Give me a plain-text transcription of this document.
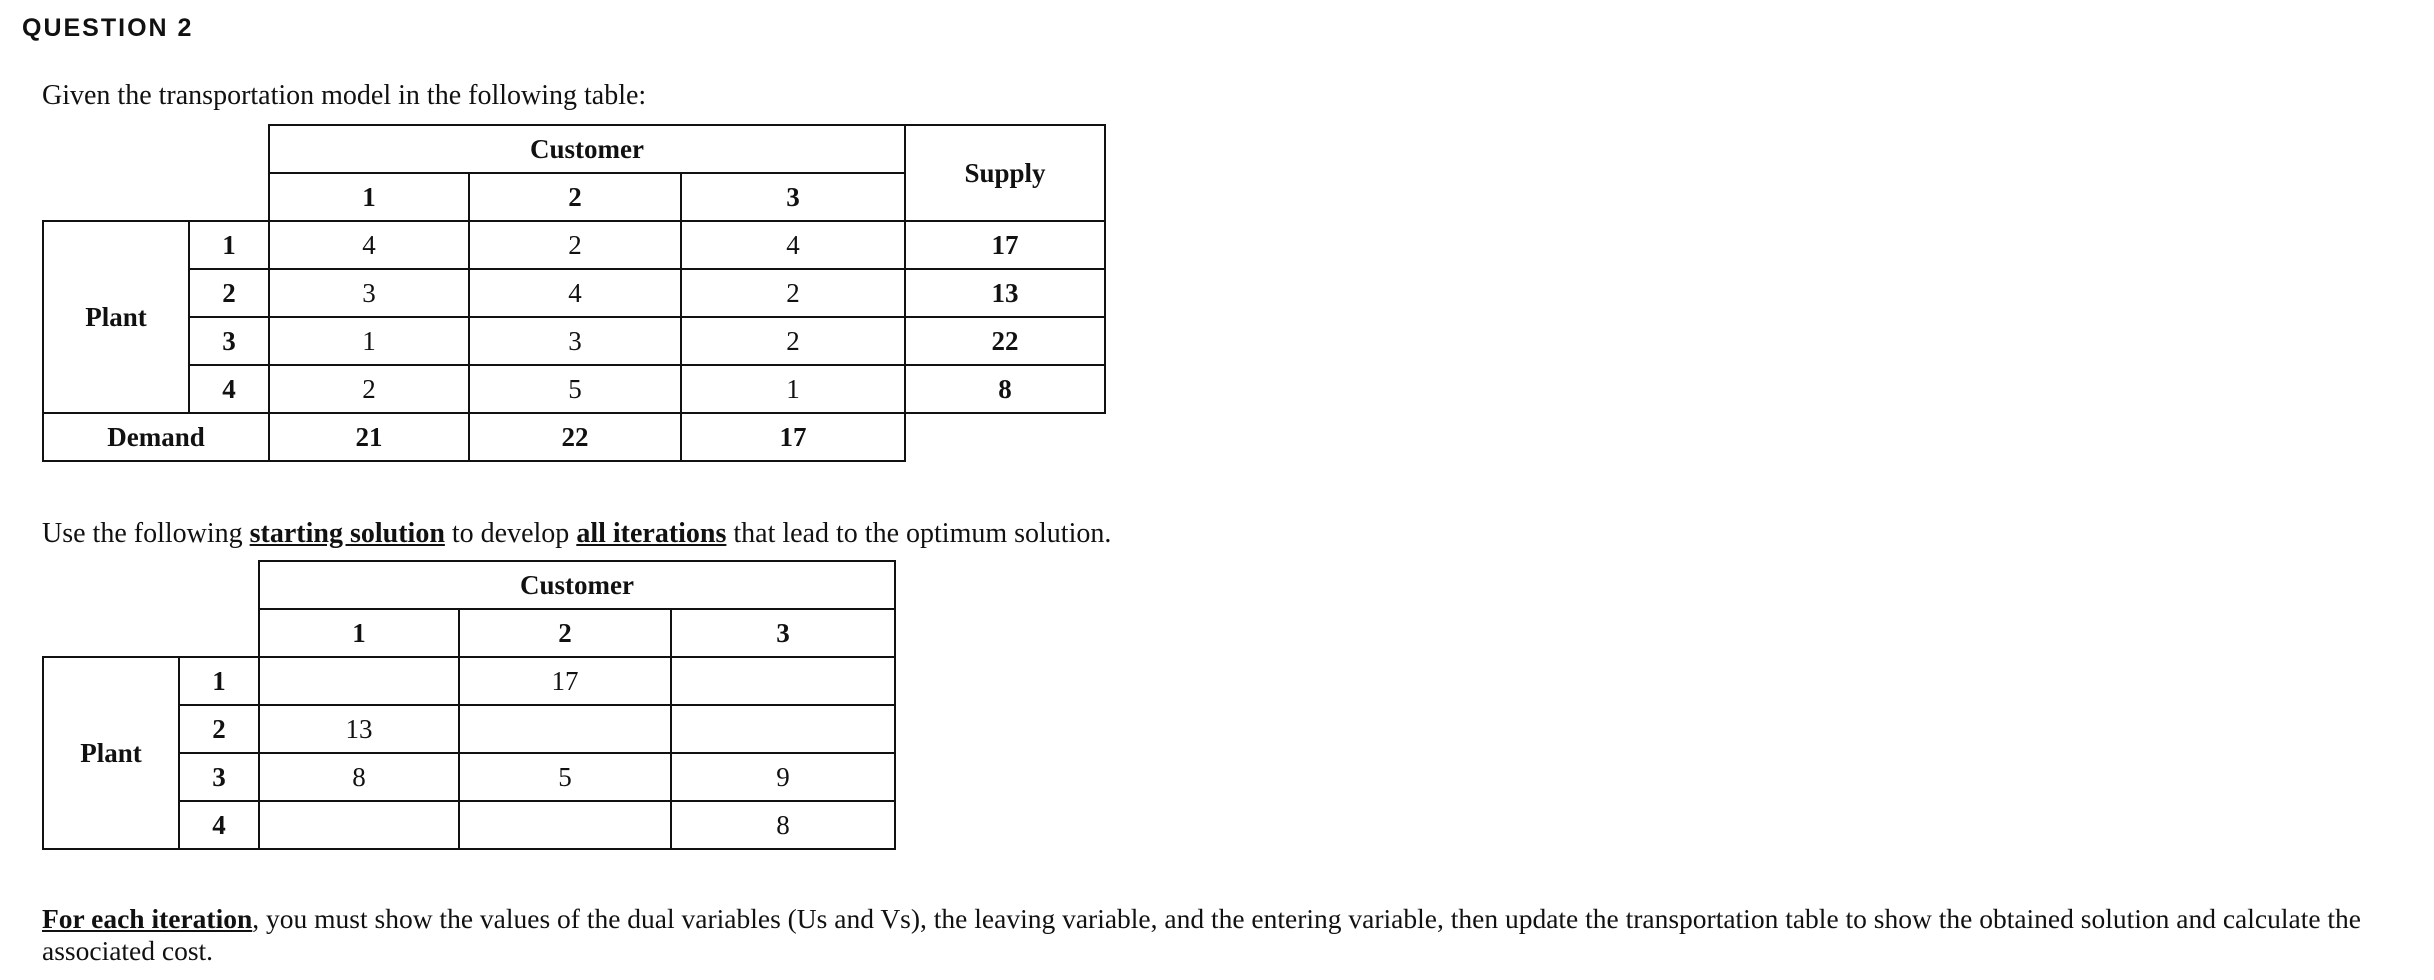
QUESTION 2
Given the transportation model in the following table:
		Customer			Supply
		1	2	3	
Plant	1	4	2	4	17
	2	3	4	2	13
	3	1	3	2	22
	4	2	5	1	8
Demand		21	22	17	
Use the following starting solution to develop all iterations that lead to the optimum solution.
		Customer		
		1	2	3
Plant	1		17	
	2	13		
	3	8	5	9
	4			8
For each iteration, you must show the values of the dual variables (Us and Vs), the leaving variable, and the entering variable, then update the transportation table to show the obtained solution and calculate the associated cost.
